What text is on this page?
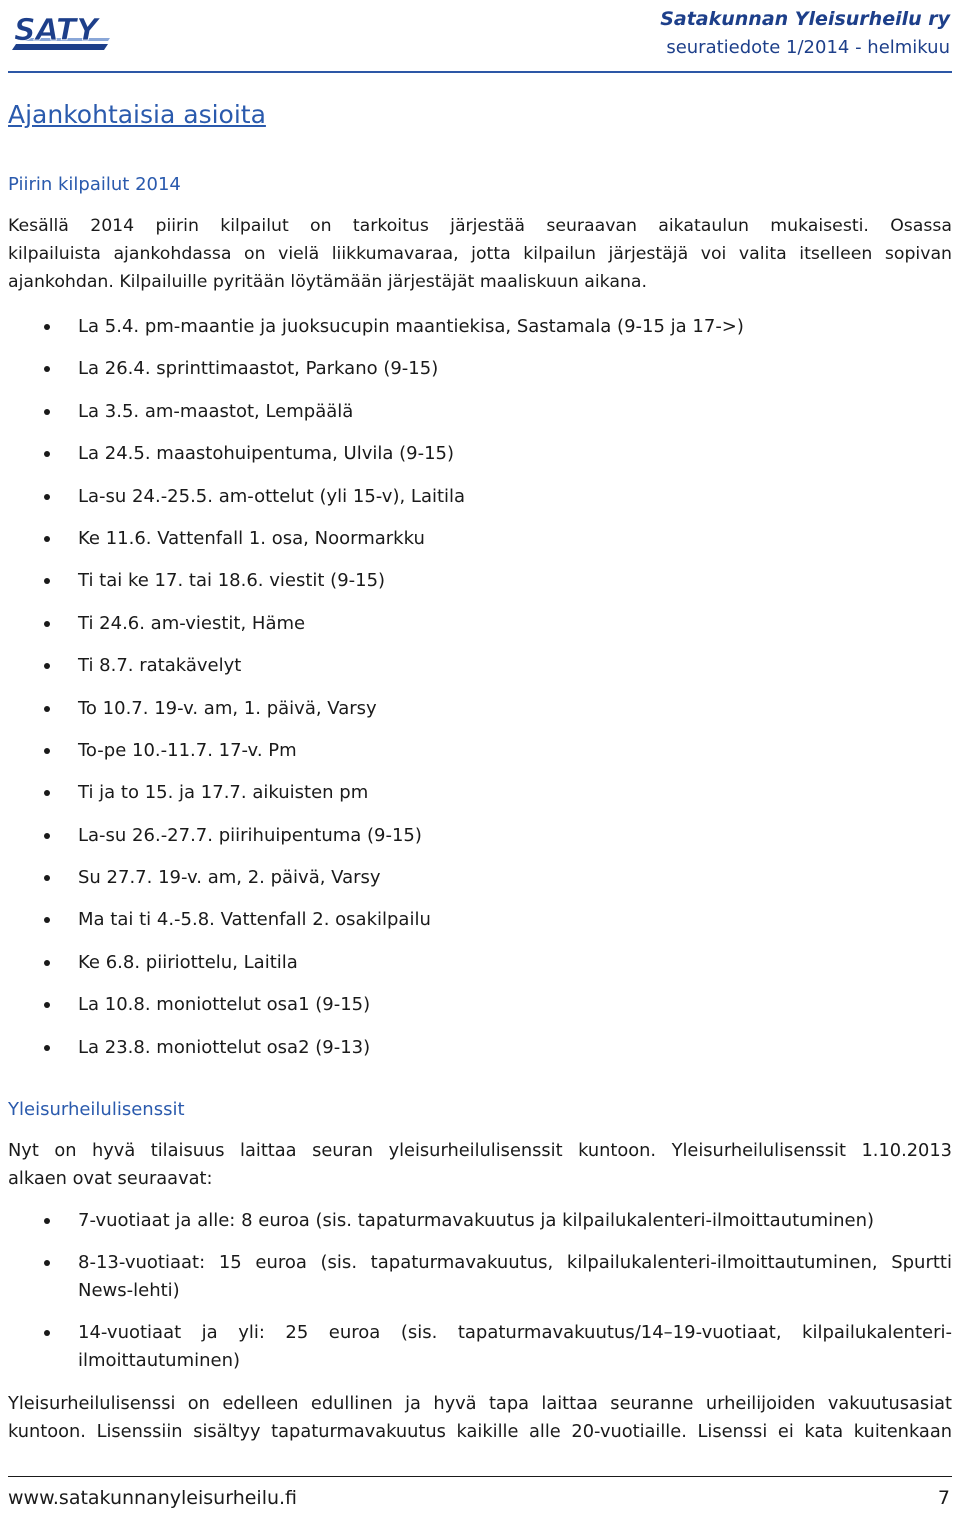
SATY	Satakunnan Yleisurheilu ry
seuratiedote 1/2014 - helmikuu
Ajankohtaisia asioita
Piirin kilpailut 2014

Kesällä 2014 piirin kilpailut on tarkoitus järjestää seuraavan aikataulun mukaisesti. Osassa
kilpailuista ajankohdassa on vielä liikkumavaraa, jotta kilpailun järjestäjä voi valita itselleen sopivan
ajankohdan. Kilpailuille pyritään löytämään järjestäjät maaliskuun aikana.

La 5.4. pm-maantie ja juoksucupin maantiekisa, Sastamala (9-15 ja 17->)
La 26.4. sprinttimaastot, Parkano (9-15)
La 3.5. am-maastot, Lempäälä
La 24.5. maastohuipentuma, Ulvila (9-15)
La-su 24.-25.5. am-ottelut (yli 15-v), Laitila
Ke 11.6. Vattenfall 1. osa, Noormarkku
Ti tai ke 17. tai 18.6. viestit (9-15)
Ti 24.6. am-viestit, Häme
Ti 8.7. ratakävelyt
To 10.7. 19-v. am, 1. päivä, Varsy
To-pe 10.-11.7. 17-v. Pm
Ti ja to 15. ja 17.7. aikuisten pm
La-su 26.-27.7. piirihuipentuma (9-15)
Su 27.7. 19-v. am, 2. päivä, Varsy
Ma tai ti 4.-5.8. Vattenfall 2. osakilpailu
Ke 6.8. piiriottelu, Laitila
La 10.8. moniottelut osa1 (9-15)
La 23.8. moniottelut osa2 (9-13)
Yleisurheilulisenssit

Nyt on hyvä tilaisuus laittaa seuran yleisurheilulisenssit kuntoon. Yleisurheilulisenssit 1.10.2013
alkaen ovat seuraavat:

7-vuotiaat ja alle: 8 euroa (sis. tapaturmavakuutus ja kilpailukalenteri-ilmoittautuminen)
8-13-vuotiaat: 15 euroa (sis. tapaturmavakuutus, kilpailukalenteri-ilmoittautuminen, Spurtti
News-lehti)
14-vuotiaat ja yli: 25 euroa (sis. tapaturmavakuutus/14–19-vuotiaat, kilpailukalenteri-
ilmoittautuminen)

Yleisurheilulisenssi on edelleen edullinen ja hyvä tapa laittaa seuranne urheilijoiden vakuutusasiat
kuntoon. Lisenssiin sisältyy tapaturmavakuutus kaikille alle 20-vuotiaille. Lisenssi ei kata kuitenkaan

www.satakunnanyleisurheilu.fi	7
